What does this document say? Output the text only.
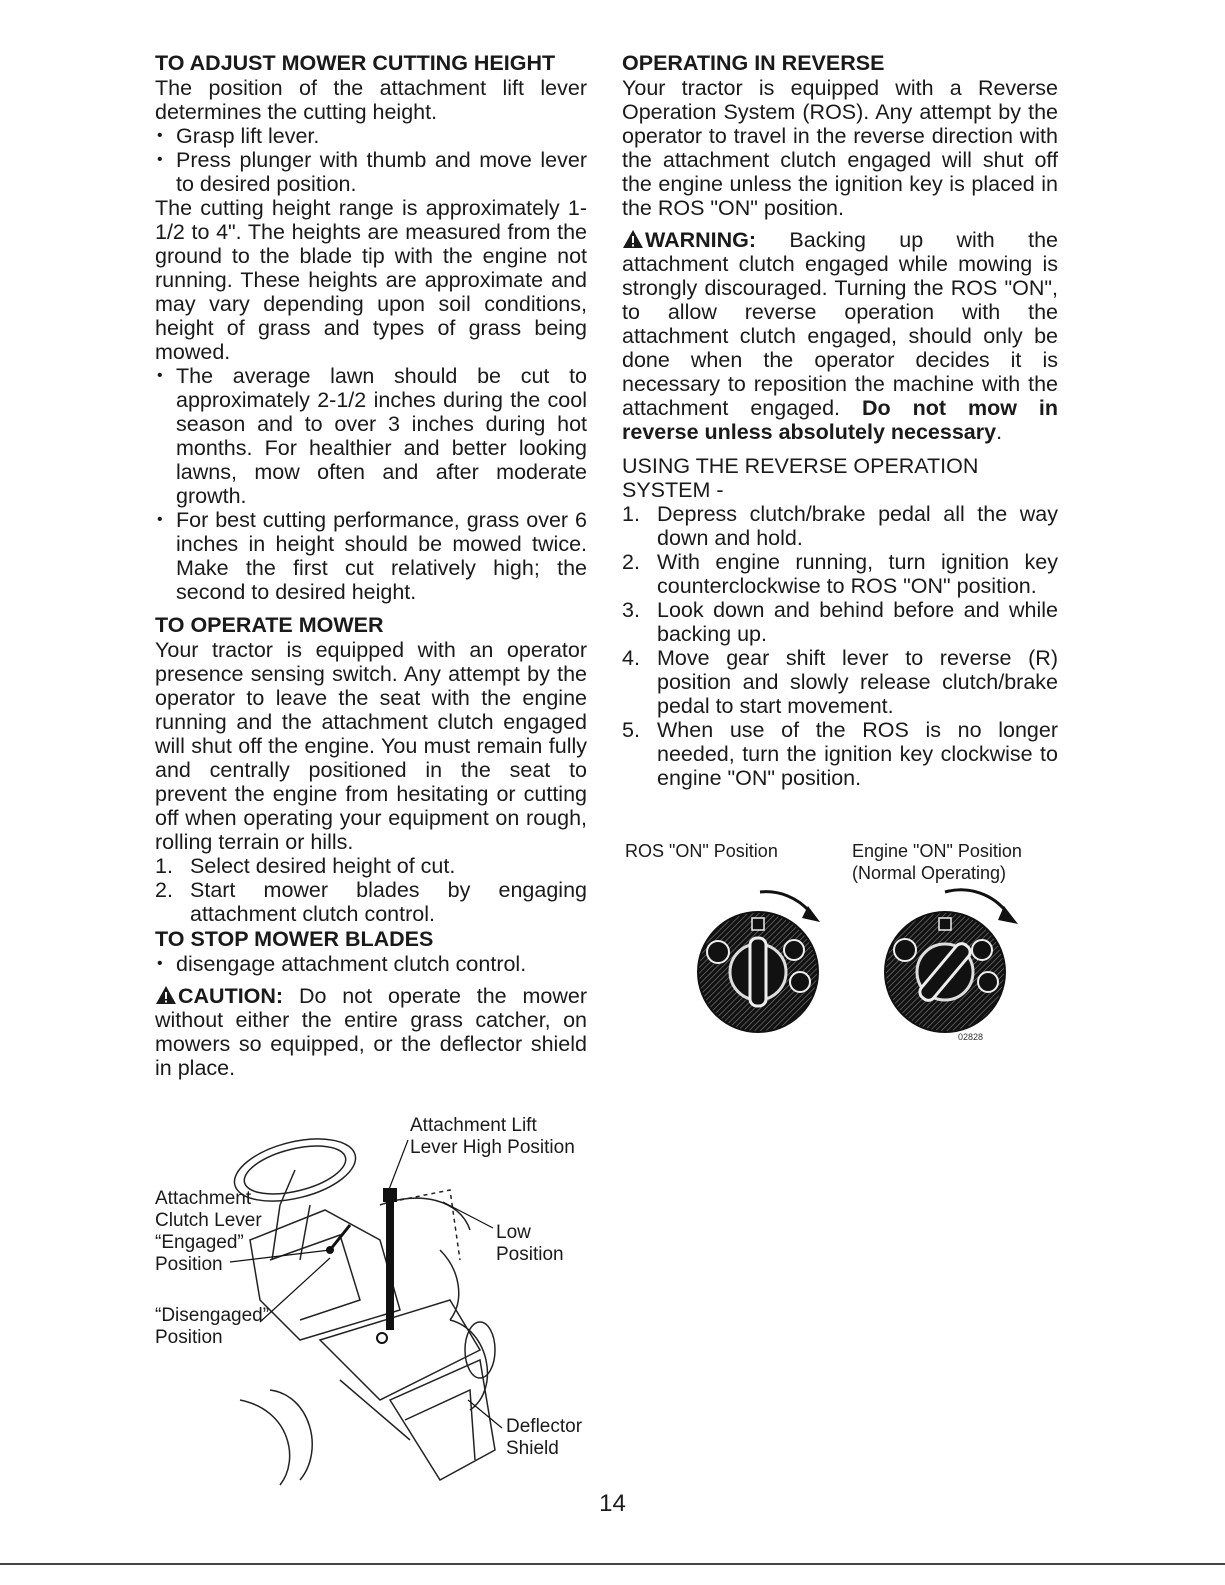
TO ADJUST MOWER CUTTING HEIGHT

The position of the attachment lift lever determines the cutting height.

• Grasp lift lever.
• Press plunger with thumb and move lever to desired position.

The cutting height range is approximately 1-1/2 to 4". The heights are measured from the ground to the blade tip with the engine not running. These heights are approximate and may vary depending upon soil conditions, height of grass and types of grass being mowed.

• The average lawn should be cut to approximately 2-1/2 inches during the cool season and to over 3 inches during hot months. For healthier and better looking lawns, mow often and after moderate growth.
• For best cutting performance, grass over 6 inches in height should be mowed twice. Make the first cut relatively high; the second to desired height.
TO OPERATE MOWER

Your tractor is equipped with an operator presence sensing switch. Any attempt by the operator to leave the seat with the engine running and the attachment clutch engaged will shut off the engine. You must remain fully and centrally positioned in the seat to prevent the engine from hesitating or cutting off when operating your equipment on rough, rolling terrain or hills.

1. Select desired height of cut.
2. Start mower blades by engaging attachment clutch control.
TO STOP MOWER BLADES
• disengage attachment clutch control.

CAUTION: Do not operate the mower without either the entire grass catcher, on mowers so equipped, or the deflector shield in place.

OPERATING IN REVERSE

Your tractor is equipped with a Reverse Operation System (ROS). Any attempt by the operator to travel in the reverse direction with the attachment clutch engaged will shut off the engine unless the ignition key is placed in the ROS "ON" position.

WARNING: Backing up with the attachment clutch engaged while mowing is strongly discouraged. Turning the ROS "ON", to allow reverse operation with the attachment clutch engaged, should only be done when the operator decides it is necessary to reposition the machine with the attachment engaged. Do not mow in reverse unless absolutely necessary.

USING THE REVERSE OPERATION SYSTEM -

1. Depress clutch/brake pedal all the way down and hold.
2. With engine running, turn ignition key counterclockwise to ROS "ON" position.
3. Look down and behind before and while backing up.
4. Move gear shift lever to reverse (R) position and slowly release clutch/brake pedal to start movement.
5. When use of the ROS is no longer needed, turn the ignition key clockwise to engine "ON" position.
ROS "ON" Position	Engine "ON" Position
(Normal Operating)
02828
Attachment Lift
Lever High Position
Attachment
Clutch Lever
“Engaged”
Position
Low
Position
“Disengaged”
Position
Deflector
Shield
14
